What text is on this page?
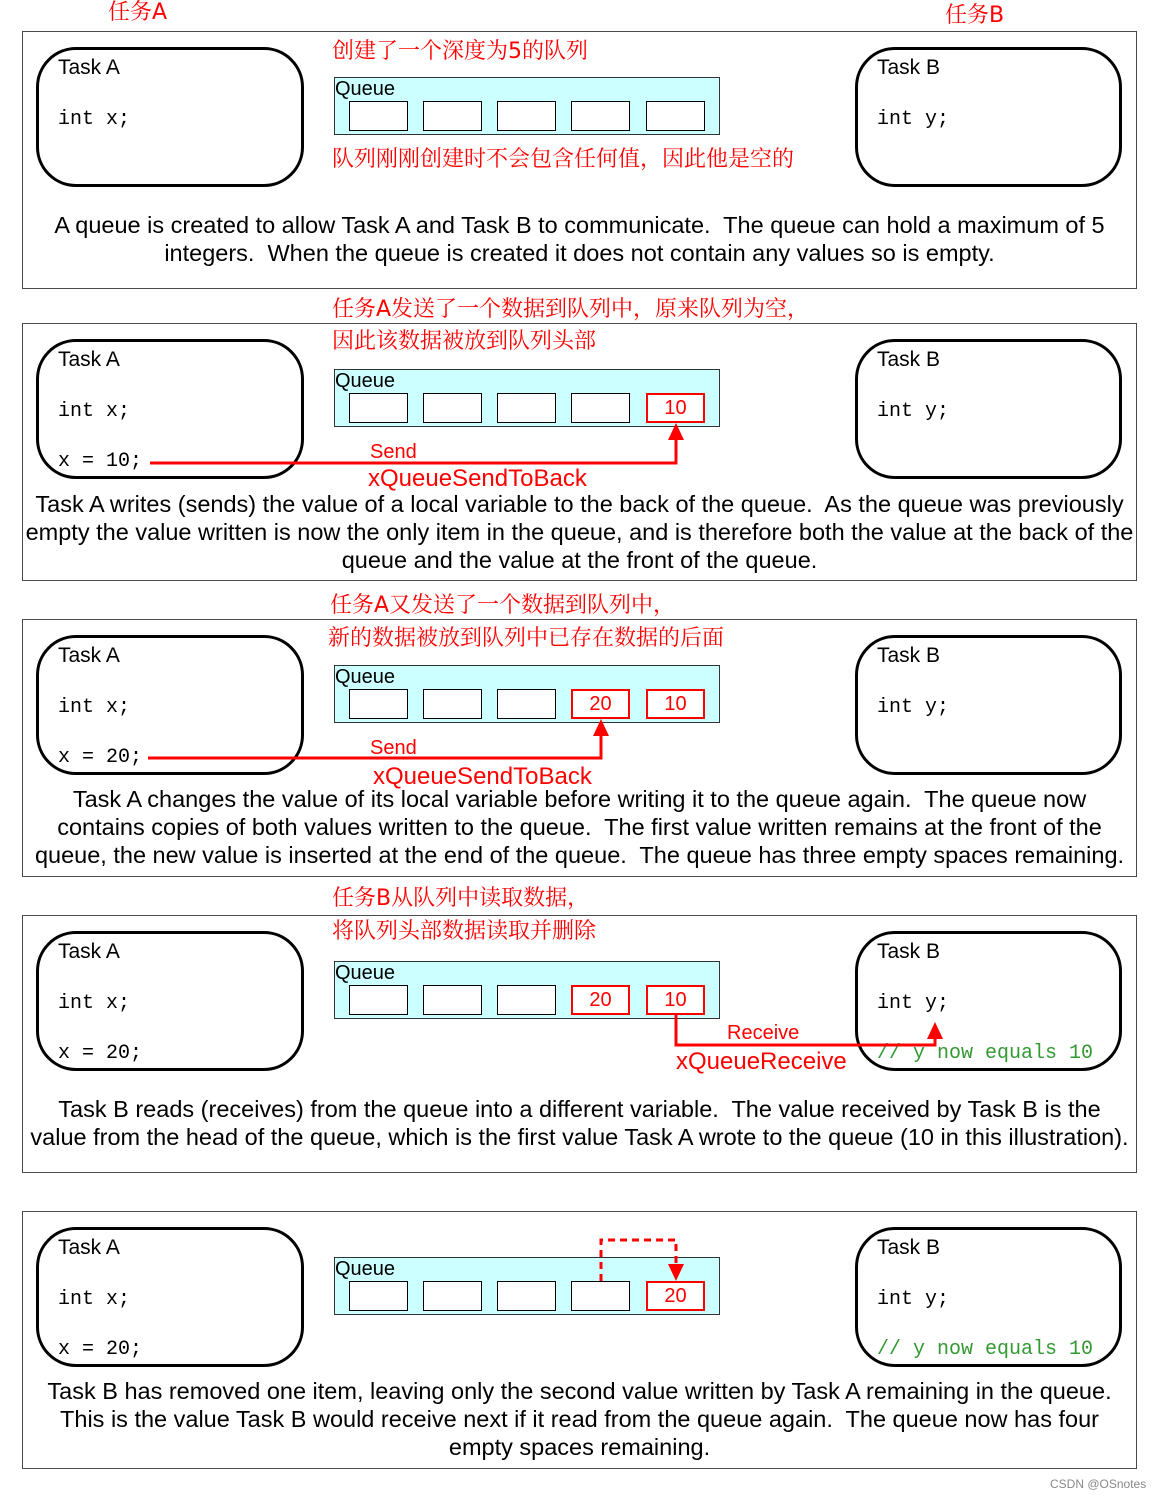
任务A	任务B
Task A
int x;
Task B
int y;
创建了一个深度为5的队列
Queue
队列刚刚创建时不会包含任何值，因此他是空的
A queue is created to allow Task A and Task B to communicate.  The queue can hold a maximum of 5
integers.  When the queue is created it does not contain any values so is empty.
任务A发送了一个数据到队列中，原来队列为空，
因此该数据被放到队列头部
Task A
int x;
x = 10;
Task B
int y;
Queue
10
Send
xQueueSendToBack
Task A writes (sends) the value of a local variable to the back of the queue.  As the queue was previously
empty the value written is now the only item in the queue, and is therefore both the value at the back of the
queue and the value at the front of the queue.
任务A又发送了一个数据到队列中，
新的数据被放到队列中已存在数据的后面
Task A
int x;
x = 20;
Task B
int y;
Queue
20	10
Send
xQueueSendToBack
Task A changes the value of its local variable before writing it to the queue again.  The queue now
contains copies of both values written to the queue.  The first value written remains at the front of the
queue, the new value is inserted at the end of the queue.  The queue has three empty spaces remaining.
任务B从队列中读取数据，
将队列头部数据读取并删除
Task A
int x;
x = 20;
Task B
int y;
// y now equals 10
Queue
20	10
Receive
xQueueReceive
Task B reads (receives) from the queue into a different variable.  The value received by Task B is the
value from the head of the queue, which is the first value Task A wrote to the queue (10 in this illustration).
Task A
int x;
x = 20;
Task B
int y;
// y now equals 10
Queue
20
Task B has removed one item, leaving only the second value written by Task A remaining in the queue.
This is the value Task B would receive next if it read from the queue again.  The queue now has four
empty spaces remaining.
CSDN @OSnotes
